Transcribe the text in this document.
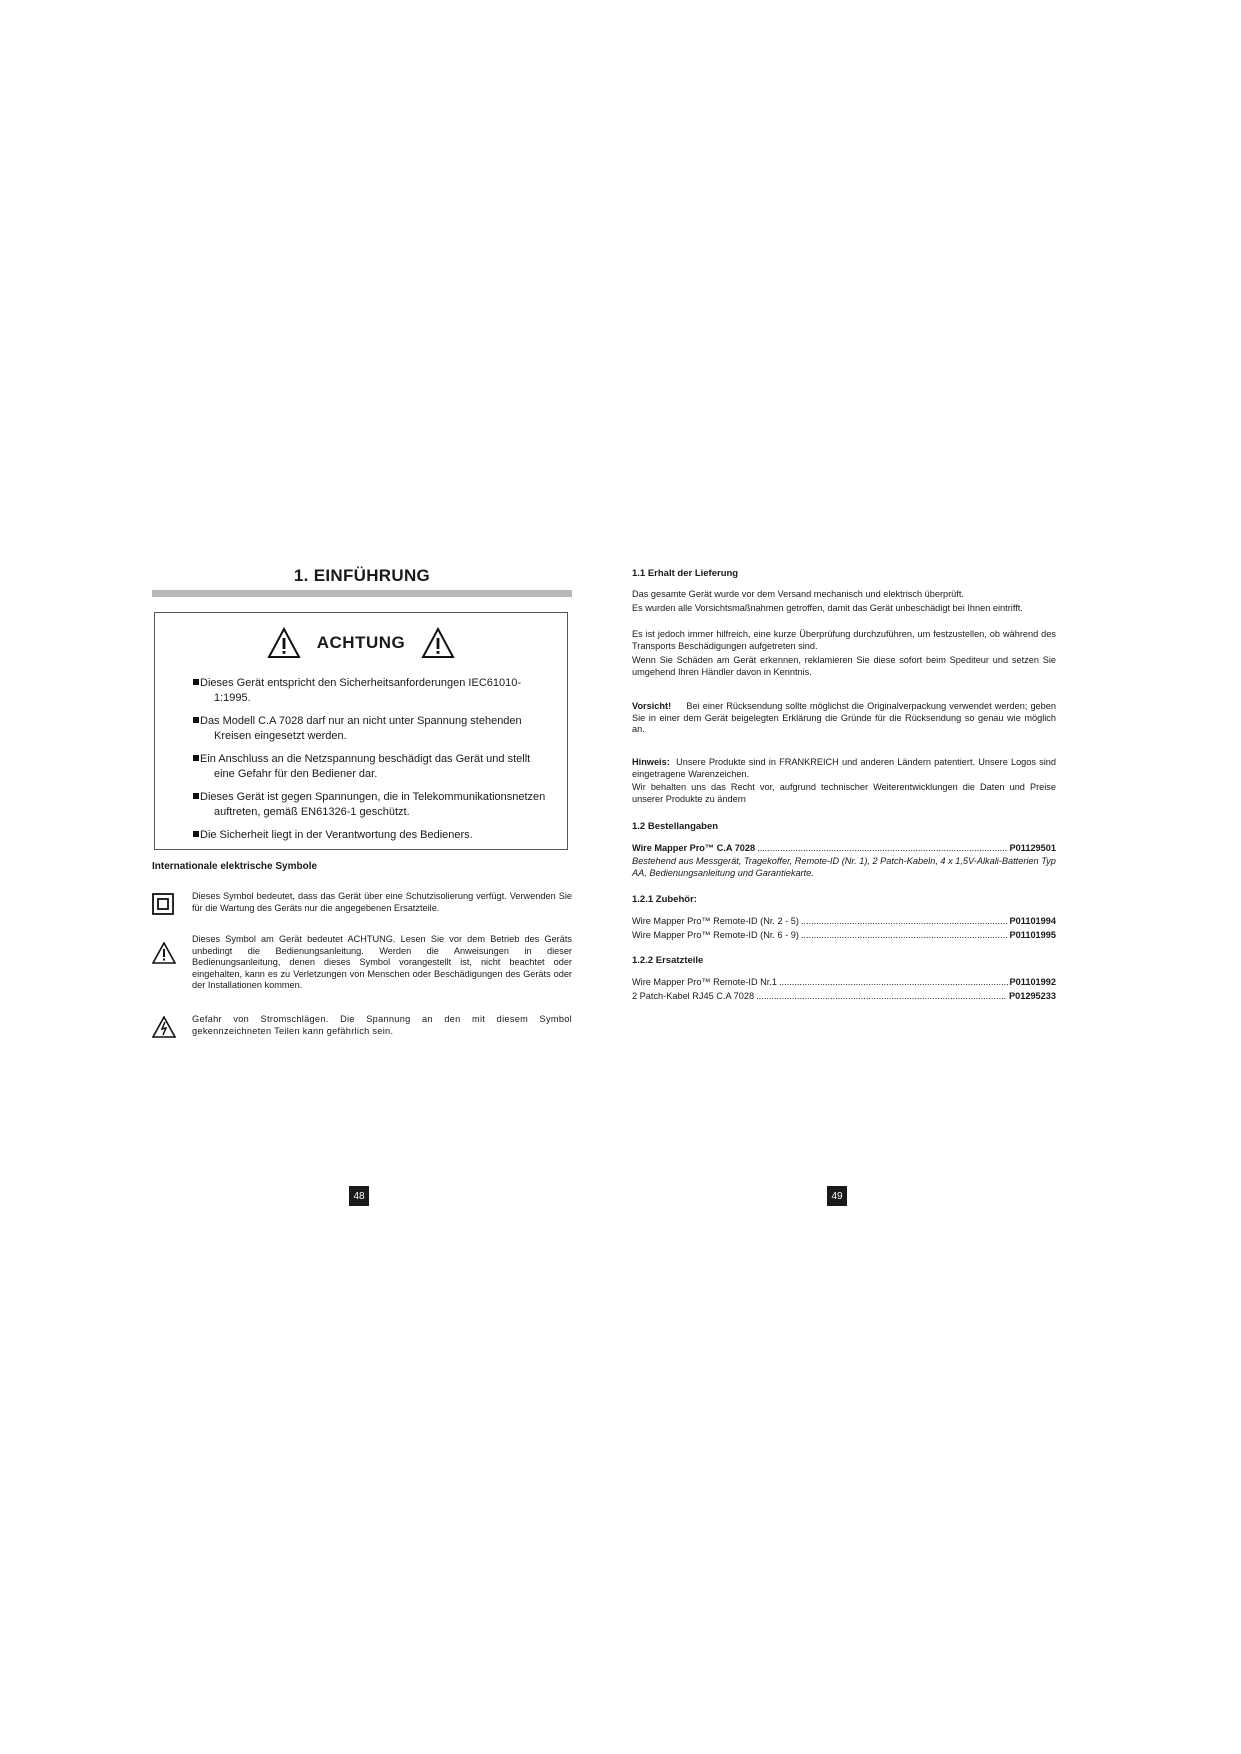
1. EINFÜHRUNG
ACHTUNG
Dieses Gerät entspricht den Sicherheitsanforderungen IEC61010-1:1995.
Das Modell C.A 7028 darf nur an nicht unter Spannung stehenden Kreisen eingesetzt werden.
Ein Anschluss an die Netzspannung beschädigt das Gerät und stellt eine Gefahr für den Bediener dar.
Dieses Gerät ist gegen Spannungen, die in Telekommunikationsnetzen auftreten, gemäß EN61326-1 geschützt.
Die Sicherheit liegt in der Verantwortung des Bedieners.
Internationale elektrische Symbole
Dieses Symbol bedeutet, dass das Gerät über eine Schutzisolierung verfügt. Verwenden Sie für die Wartung des Geräts nur die angegebenen Ersatzteile.
Dieses Symbol am Gerät bedeutet ACHTUNG. Lesen Sie vor dem Betrieb des Geräts unbedingt die Bedienungsanleitung. Werden die Anweisungen in dieser Bedienungsanleitung, denen dieses Symbol vorangestellt ist, nicht beachtet oder eingehalten, kann es zu Verletzungen von Menschen oder Beschädigungen des Geräts oder der Installationen kommen.
Gefahr von Stromschlägen. Die Spannung an den mit diesem Symbol gekennzeichneten Teilen kann gefährlich sein.
48
1.1 Erhalt der Lieferung
Das gesamte Gerät wurde vor dem Versand mechanisch und elektrisch überprüft.
Es wurden alle Vorsichtsmaßnahmen getroffen, damit das Gerät unbeschädigt bei Ihnen eintrifft.
Es ist jedoch immer hilfreich, eine kurze Überprüfung durchzuführen, um festzustellen, ob während des Transports Beschädigungen aufgetreten sind.
Wenn Sie Schäden am Gerät erkennen, reklamieren Sie diese sofort beim Spediteur und setzen Sie umgehend Ihren Händler davon in Kenntnis.
Vorsicht! Bei einer Rücksendung sollte möglichst die Originalverpackung verwendet werden; geben Sie in einer dem Gerät beigelegten Erklärung die Gründe für die Rücksendung so genau wie möglich an.
Hinweis: Unsere Produkte sind in FRANKREICH und anderen Ländern patentiert. Unsere Logos sind eingetragene Warenzeichen.
Wir behalten uns das Recht vor, aufgrund technischer Weiterentwicklungen die Daten und Preise unserer Produkte zu ändern
1.2 Bestellangaben
Wire Mapper Pro™ C.A 7028 .....	P01129501
Bestehend aus Messgerät, Tragekoffer, Remote-ID (Nr. 1), 2 Patch-Kabeln, 4 x 1,5V-Alkali-Batterien Typ AA, Bedienungsanleitung und Garantiekarte.
1.2.1 Zubehör:
Wire Mapper Pro™ Remote-ID (Nr. 2 - 5) .....	P01101994
Wire Mapper Pro™ Remote-ID (Nr. 6 - 9) .....	P01101995
1.2.2 Ersatzteile
Wire Mapper Pro™ Remote-ID Nr.1 .....	P01101992
2 Patch-Kabel RJ45 C.A 7028 .....	P01295233
49
